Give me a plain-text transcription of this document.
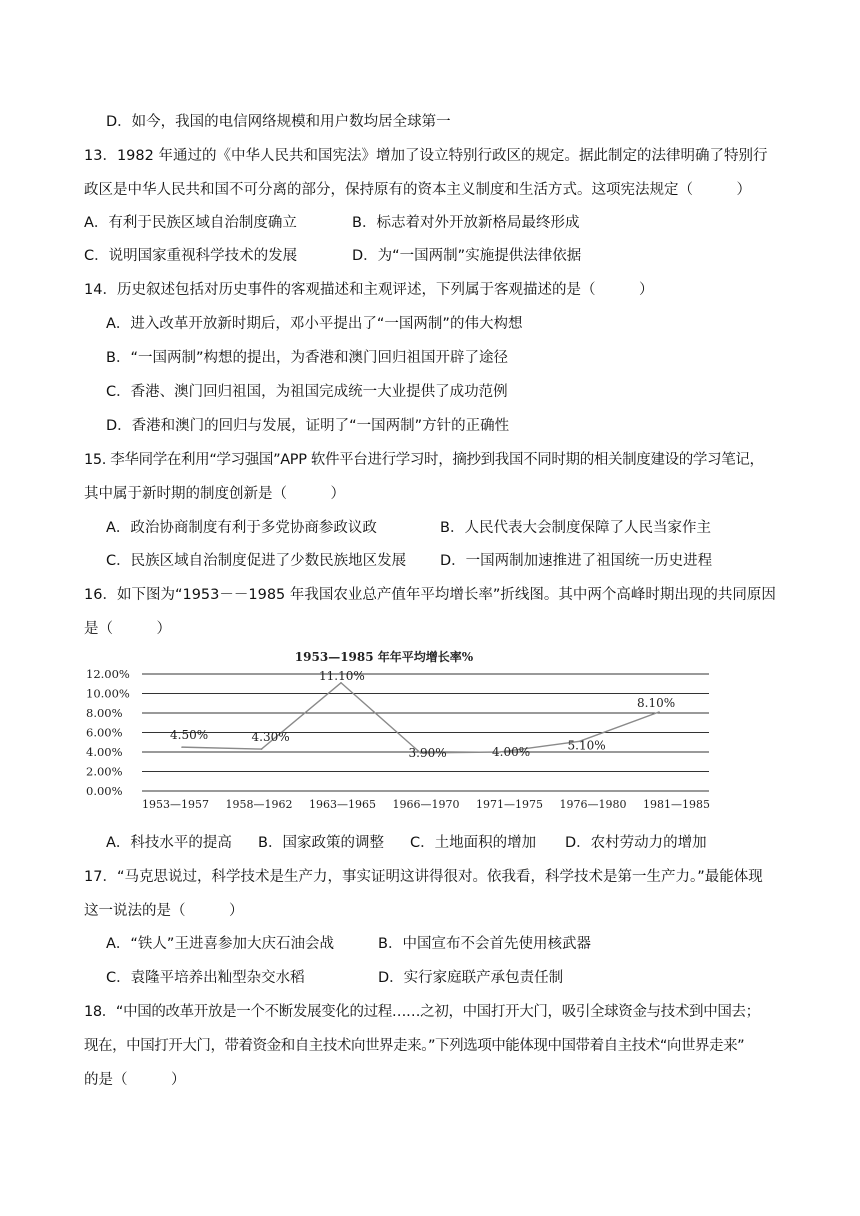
D．如今，我国的电信网络规模和用户数均居全球第一
13．1982 年通过的《中华人民共和国宪法》增加了设立特别行政区的规定。据此制定的法律明确了特别行
政区是中华人民共和国不可分离的部分，保持原有的资本主义制度和生活方式。这项宪法规定（　　　）
A．有利于民族区域自治制度确立	B．标志着对外开放新格局最终形成
C．说明国家重视科学技术的发展	D．为“一国两制”实施提供法律依据
14．历史叙述包括对历史事件的客观描述和主观评述，下列属于客观描述的是（　　　）
A．进入改革开放新时期后，邓小平提出了“一国两制”的伟大构想
B．“一国两制”构想的提出，为香港和澳门回归祖国开辟了途径
C．香港、澳门回归祖国，为祖国完成统一大业提供了成功范例
D．香港和澳门的回归与发展，证明了“一国两制”方针的正确性
15. 李华同学在利用“学习强国”APP 软件平台进行学习时，摘抄到我国不同时期的相关制度建设的学习笔记，
其中属于新时期的制度创新是（　　　）
A．政治协商制度有利于多党协商参政议政	B．人民代表大会制度保障了人民当家作主
C．民族区域自治制度促进了少数民族地区发展 D．一国两制加速推进了祖国统一历史进程
16．如下图为“1953－－1985 年我国农业总产值年平均增长率”折线图。其中两个高峰时期出现的共同原因
是（　　　）
1953—1985 年年平均增长率%
0.00%
2.00%
4.00%
6.00%
8.00%
10.00%
12.00%
1953—1957 1958—1962 1963—1965 1966—1970 1971—1975 1976—1980 1981—1985
4.50%	4.30%
11.10%
3.90%	4.00%	5.10%
8.10%
A．科技水平的提高 B．国家政策的调整 C．土地面积的增加 D．农村劳动力的增加
17．“马克思说过，科学技术是生产力，事实证明这讲得很对。依我看，科学技术是第一生产力。”最能体现
这一说法的是（　　　）
A．“铁人”王进喜参加大庆石油会战	B．中国宣布不会首先使用核武器
C．袁隆平培养出籼型杂交水稻	D．实行家庭联产承包责任制
18．“中国的改革开放是一个不断发展变化的过程……之初，中国打开大门，吸引全球资金与技术到中国去；
现在，中国打开大门，带着资金和自主技术向世界走来。”下列选项中能体现中国带着自主技术“向世界走来”
的是（　　　）
